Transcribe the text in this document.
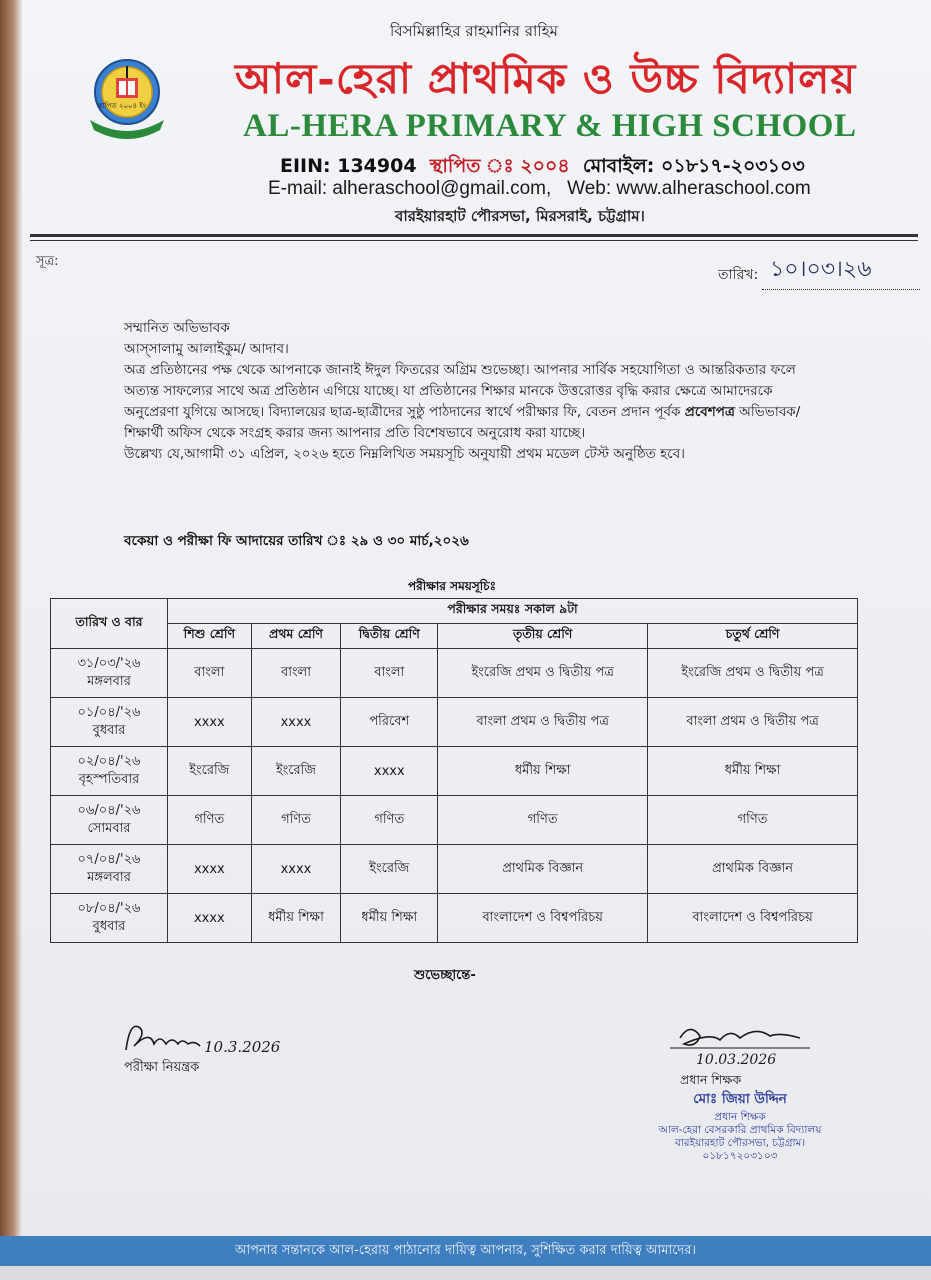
বিসমিল্লাহির রাহমানির রাহিম
স্থাপিত ২০০৪ ইং
আল-হেরা প্রাথমিক ও উচ্চ বিদ্যালয়
AL-HERA PRIMARY & HIGH SCHOOL
EIIN: 134904 স্থাপিত ঃ ২০০৪ মোবাইল: ০১৮১৭-২০৩১০৩
E-mail: alheraschool@gmail.com, Web: www.alheraschool.com
বারইয়ারহাট পৌরসভা, মিরসরাই, চট্টগ্রাম।
সূত্র:
তারিখ: ১০।০৩।২৬

সম্মানিত অভিভাবক

আস্সালামু আলাইকুম/ আদাব।

অত্র প্রতিষ্ঠানের পক্ষ থেকে আপনাকে জানাই ঈদুল ফিতরের অগ্রিম শুভেচ্ছা। আপনার সার্বিক সহযোগিতা ও আন্তরিকতার ফলে অত্যন্ত সাফল্যের সাথে অত্র প্রতিষ্ঠান এগিয়ে যাচ্ছে। যা প্রতিষ্ঠানের শিক্ষার মানকে উত্তরোত্তর বৃদ্ধি করার ক্ষেত্রে আমাদেরকে অনুপ্রেরণা যুগিয়ে আসছে। বিদ্যালয়ের ছাত্র-ছাত্রীদের সুষ্ঠু পাঠদানের স্বার্থে পরীক্ষার ফি, বেতন প্রদান পূর্বক প্রবেশপত্র অভিভাবক/ শিক্ষার্থী অফিস থেকে সংগ্রহ করার জন্য আপনার প্রতি বিশেষভাবে অনুরোধ করা যাচ্ছে।

উল্লেখ্য যে,আগামী ৩১ এপ্রিল, ২০২৬ হতে নিম্নলিখিত সময়সূচি অনুযায়ী প্রথম মডেল টেস্ট অনুষ্ঠিত হবে।

বকেয়া ও পরীক্ষা ফি আদায়ের তারিখ ঃ ২৯ ও ৩০ মার্চ,২০২৬
পরীক্ষার সময়সূচিঃ
তারিখ ও বার	পরীক্ষার সময়ঃ সকাল ৯টা				
	শিশু শ্রেণি	প্রথম শ্রেণি	দ্বিতীয় শ্রেণি	তৃতীয় শ্রেণি	চতুর্থ শ্রেণি
৩১/০৩/'২৬
মঙ্গলবার	বাংলা	বাংলা	বাংলা	ইংরেজি প্রথম ও দ্বিতীয় পত্র	ইংরেজি প্রথম ও দ্বিতীয় পত্র
০১/০৪/'২৬
বুধবার	xxxx	xxxx	পরিবেশ	বাংলা প্রথম ও দ্বিতীয় পত্র	বাংলা প্রথম ও দ্বিতীয় পত্র
০২/০৪/'২৬
বৃহস্পতিবার	ইংরেজি	ইংরেজি	xxxx	ধর্মীয় শিক্ষা	ধর্মীয় শিক্ষা
০৬/০৪/'২৬
সোমবার	গণিত	গণিত	গণিত	গণিত	গণিত
০৭/০৪/'২৬
মঙ্গলবার	xxxx	xxxx	ইংরেজি	প্রাথমিক বিজ্ঞান	প্রাথমিক বিজ্ঞান
০৮/০৪/'২৬
বুধবার	xxxx	ধর্মীয় শিক্ষা	ধর্মীয় শিক্ষা	বাংলাদেশ ও বিশ্বপরিচয়	বাংলাদেশ ও বিশ্বপরিচয়
শুভেচ্ছান্তে-
10.3.2026
পরীক্ষা নিয়ন্ত্রক	10.03.2026
প্রধান শিক্ষক
মোঃ জিয়া উদ্দিন
প্রধান শিক্ষক
আল-হেরা বেসরকারি প্রাথমিক বিদ্যালয়
বারইয়ারহাট পৌরসভা, চট্টগ্রাম।
০১৮১৭২০৩১০৩
আপনার সন্তানকে আল-হেরায় পাঠানোর দায়িত্ব আপনার, সুশিক্ষিত করার দায়িত্ব আমাদের।
